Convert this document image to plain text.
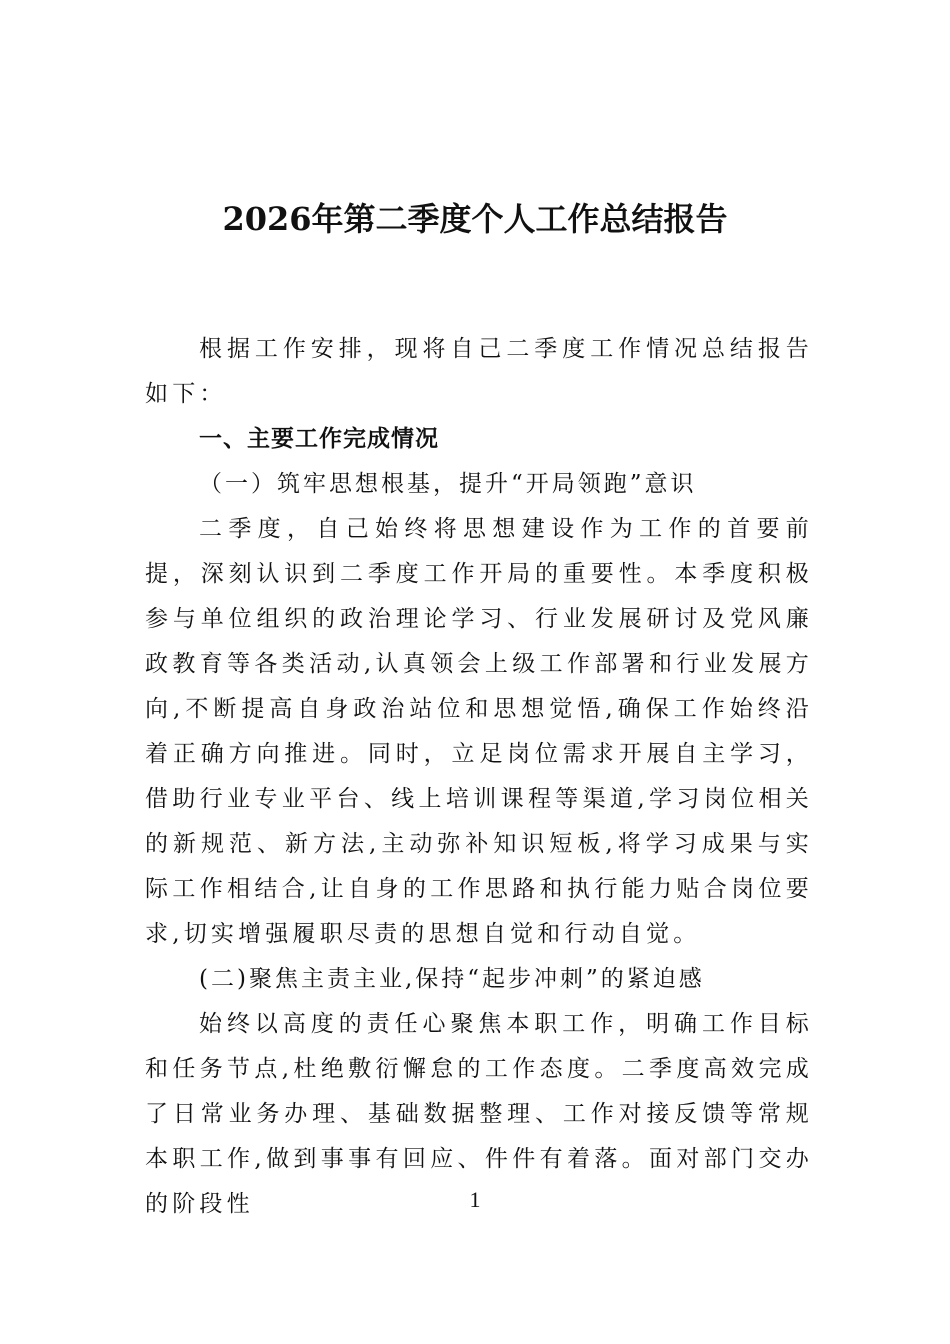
2026年第二季度个人工作总结报告

根据工作安排，现将自己二季度工作情况总结报告如下：

一、主要工作完成情况

（一）筑牢思想根基，提升“开局领跑”意识

二季度，自己始终将思想建设作为工作的首要前提，深刻认识到二季度工作开局的重要性。本季度积极参与单位组织的政治理论学习、行业发展研讨及党风廉政教育等各类活动,认真领会上级工作部署和行业发展方向,不断提高自身政治站位和思想觉悟,确保工作始终沿着正确方向推进。同时，立足岗位需求开展自主学习，借助行业专业平台、线上培训课程等渠道,学习岗位相关的新规范、新方法,主动弥补知识短板,将学习成果与实际工作相结合,让自身的工作思路和执行能力贴合岗位要求,切实增强履职尽责的思想自觉和行动自觉。

(二)聚焦主责主业,保持“起步冲刺”的紧迫感

始终以高度的责任心聚焦本职工作，明确工作目标和任务节点,杜绝敷衍懈怠的工作态度。二季度高效完成了日常业务办理、基础数据整理、工作对接反馈等常规本职工作,做到事事有回应、件件有着落。面对部门交办的阶段性	1
